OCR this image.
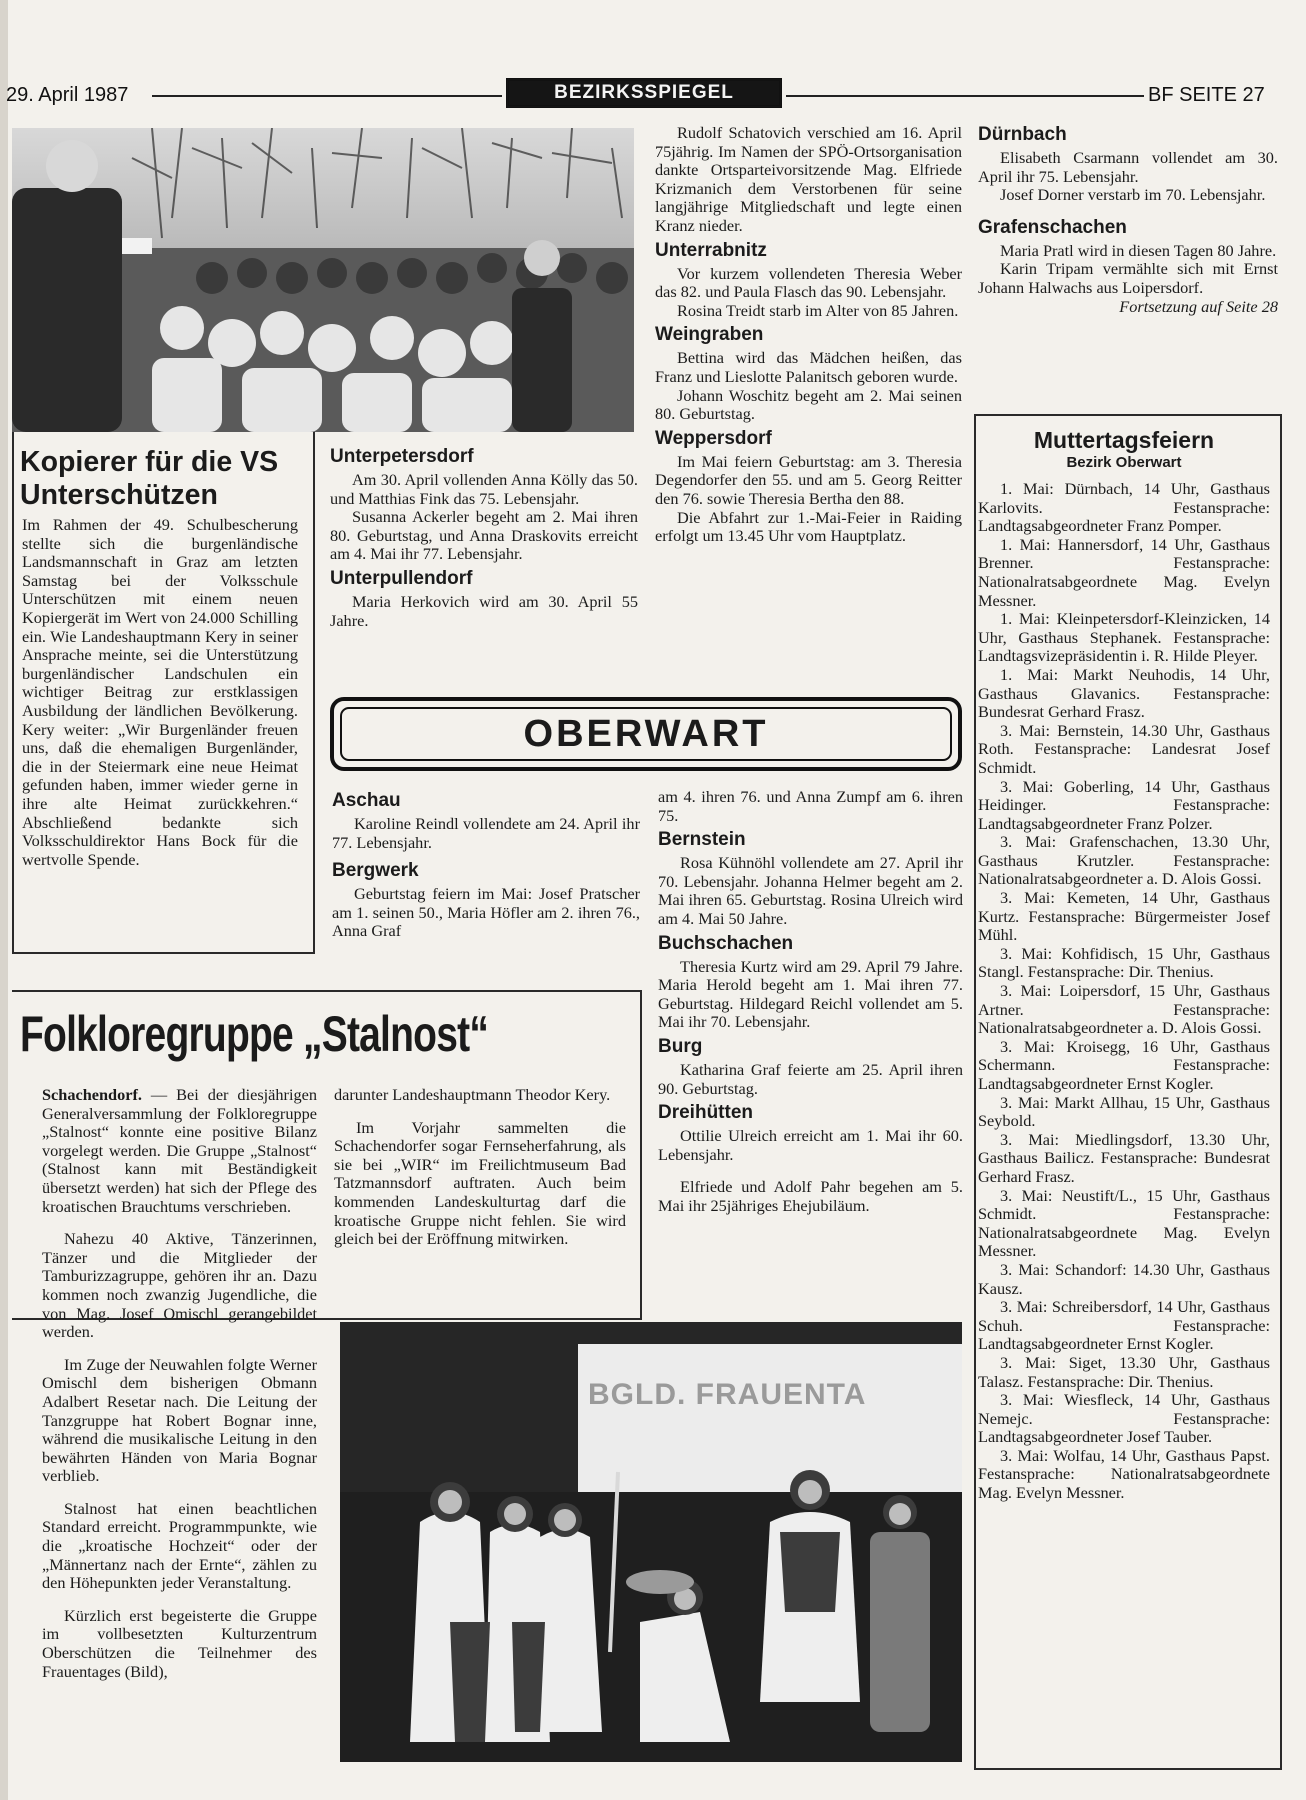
29. April 1987	BEZIRKSSPIEGEL	BF SEITE 27
Kopierer für die VS Unterschützen

Im Rahmen der 49. Schulbescherung stellte sich die burgenländische Landsmannschaft in Graz am letzten Samstag bei der Volksschule Unterschützen mit einem neuen Kopiergerät im Wert von 24.000 Schilling ein. Wie Landeshauptmann Kery in seiner Ansprache meinte, sei die Unterstützung burgenländischer Landschulen ein wichtiger Beitrag zur erstklassigen Ausbildung der ländlichen Bevölkerung. Kery weiter: „Wir Burgenländer freuen uns, daß die ehemaligen Burgenländer, die in der Steiermark eine neue Heimat gefunden haben, immer wieder gerne in ihre alte Heimat zurückkehren.“ Abschließend bedankte sich Volksschuldirektor Hans Bock für die wertvolle Spende.

Unterpetersdorf

Am 30. April vollenden Anna Kölly das 50. und Matthias Fink das 75. Lebensjahr.

Susanna Ackerler begeht am 2. Mai ihren 80. Geburtstag, und Anna Draskovits erreicht am 4. Mai ihr 77. Lebensjahr.

Unterpullendorf

Maria Herkovich wird am 30. April 55 Jahre.

Rudolf Schatovich verschied am 16. April 75jährig. Im Namen der SPÖ-Ortsorganisation dankte Ortsparteivorsitzende Mag. Elfriede Krizmanich dem Verstorbenen für seine langjährige Mitgliedschaft und legte einen Kranz nieder.

Unterrabnitz

Vor kurzem vollendeten Theresia Weber das 82. und Paula Flasch das 90. Lebensjahr.

Rosina Treidt starb im Alter von 85 Jahren.

Weingraben

Bettina wird das Mädchen heißen, das Franz und Lieslotte Palanitsch geboren wurde.

Johann Woschitz begeht am 2. Mai seinen 80. Geburtstag.

Weppersdorf

Im Mai feiern Geburtstag: am 3. Theresia Degendorfer den 55. und am 5. Georg Reitter den 76. sowie Theresia Bertha den 88.

Die Abfahrt zur 1.-Mai-Feier in Raiding erfolgt um 13.45 Uhr vom Hauptplatz.

Dürnbach

Elisabeth Csarmann vollendet am 30. April ihr 75. Lebensjahr.

Josef Dorner verstarb im 70. Lebensjahr.

Grafenschachen

Maria Pratl wird in diesen Tagen 80 Jahre.

Karin Tripam vermählte sich mit Ernst Johann Halwachs aus Loipersdorf.

Fortsetzung auf Seite 28

OBERWART
Aschau

Karoline Reindl vollendete am 24. April ihr 77. Lebensjahr.

Bergwerk

Geburtstag feiern im Mai: Josef Pratscher am 1. seinen 50., Maria Höfler am 2. ihren 76., Anna Graf

am 4. ihren 76. und Anna Zumpf am 6. ihren 75.

Bernstein

Rosa Kühnöhl vollendete am 27. April ihr 70. Lebensjahr. Johanna Helmer begeht am 2. Mai ihren 65. Geburtstag. Rosina Ulreich wird am 4. Mai 50 Jahre.

Buchschachen

Theresia Kurtz wird am 29. April 79 Jahre. Maria Herold begeht am 1. Mai ihren 77. Geburtstag. Hildegard Reichl vollendet am 5. Mai ihr 70. Lebensjahr.

Burg

Katharina Graf feierte am 25. April ihren 90. Geburtstag.

Dreihütten

Ottilie Ulreich erreicht am 1. Mai ihr 60. Lebensjahr.

Elfriede und Adolf Pahr begehen am 5. Mai ihr 25jähriges Ehejubiläum.

Folkloregruppe „Stalnost“

Schachendorf. — Bei der diesjährigen Generalversammlung der Folkloregruppe „Stalnost“ konnte eine positive Bilanz vorgelegt werden. Die Gruppe „Stalnost“ (Stalnost kann mit Beständigkeit übersetzt werden) hat sich der Pflege des kroatischen Brauchtums verschrieben.

Nahezu 40 Aktive, Tänzerinnen, Tänzer und die Mitglieder der Tamburizzagruppe, gehören ihr an. Dazu kommen noch zwanzig Jugendliche, die von Mag. Josef Omischl gerangebildet werden.

Im Zuge der Neuwahlen folgte Werner Omischl dem bisherigen Obmann Adalbert Resetar nach. Die Leitung der Tanzgruppe hat Robert Bognar inne, während die musikalische Leitung in den bewährten Händen von Maria Bognar verblieb.

Stalnost hat einen beachtlichen Standard erreicht. Programmpunkte, wie die „kroatische Hochzeit“ oder der „Männertanz nach der Ernte“, zählen zu den Höhepunkten jeder Veranstaltung.

Kürzlich erst begeisterte die Gruppe im vollbesetzten Kulturzentrum Oberschützen die Teilnehmer des Frauentages (Bild),

darunter Landeshauptmann Theodor Kery.

Im Vorjahr sammelten die Schachendorfer sogar Fernseherfahrung, als sie bei „WIR“ im Freilichtmuseum Bad Tatzmannsdorf auftraten. Auch beim kommenden Landeskulturtag darf die kroatische Gruppe nicht fehlen. Sie wird gleich bei der Eröffnung mitwirken.

BGLD. FRAUENTA
Muttertagsfeiern
Bezirk Oberwart

1. Mai: Dürnbach, 14 Uhr, Gasthaus Karlovits. Festansprache: Landtagsabgeordneter Franz Pomper.

1. Mai: Hannersdorf, 14 Uhr, Gasthaus Brenner. Festansprache: Nationalratsabgeordnete Mag. Evelyn Messner.

1. Mai: Kleinpetersdorf-Kleinzicken, 14 Uhr, Gasthaus Stephanek. Festansprache: Landtagsvizepräsidentin i. R. Hilde Pleyer.

1. Mai: Markt Neuhodis, 14 Uhr, Gasthaus Glavanics. Festansprache: Bundesrat Gerhard Frasz.

3. Mai: Bernstein, 14.30 Uhr, Gasthaus Roth. Festansprache: Landesrat Josef Schmidt.

3. Mai: Goberling, 14 Uhr, Gasthaus Heidinger. Festansprache: Landtagsabgeordneter Franz Polzer.

3. Mai: Grafenschachen, 13.30 Uhr, Gasthaus Krutzler. Festansprache: Nationalratsabgeordneter a. D. Alois Gossi.

3. Mai: Kemeten, 14 Uhr, Gasthaus Kurtz. Festansprache: Bürgermeister Josef Mühl.

3. Mai: Kohfidisch, 15 Uhr, Gasthaus Stangl. Festansprache: Dir. Thenius.

3. Mai: Loipersdorf, 15 Uhr, Gasthaus Artner. Festansprache: Nationalratsabgeordneter a. D. Alois Gossi.

3. Mai: Kroisegg, 16 Uhr, Gasthaus Schermann. Festansprache: Landtagsabgeordneter Ernst Kogler.

3. Mai: Markt Allhau, 15 Uhr, Gasthaus Seybold.

3. Mai: Miedlingsdorf, 13.30 Uhr, Gasthaus Bailicz. Festansprache: Bundesrat Gerhard Frasz.

3. Mai: Neustift/L., 15 Uhr, Gasthaus Schmidt. Festansprache: Nationalratsabgeordnete Mag. Evelyn Messner.

3. Mai: Schandorf: 14.30 Uhr, Gasthaus Kausz.

3. Mai: Schreibersdorf, 14 Uhr, Gasthaus Schuh. Festansprache: Landtagsabgeordneter Ernst Kogler.

3. Mai: Siget, 13.30 Uhr, Gasthaus Talasz. Festansprache: Dir. Thenius.

3. Mai: Wiesfleck, 14 Uhr, Gasthaus Nemejc. Festansprache: Landtagsabgeordneter Josef Tauber.

3. Mai: Wolfau, 14 Uhr, Gasthaus Papst. Festansprache: Nationalratsabgeordnete Mag. Evelyn Messner.
